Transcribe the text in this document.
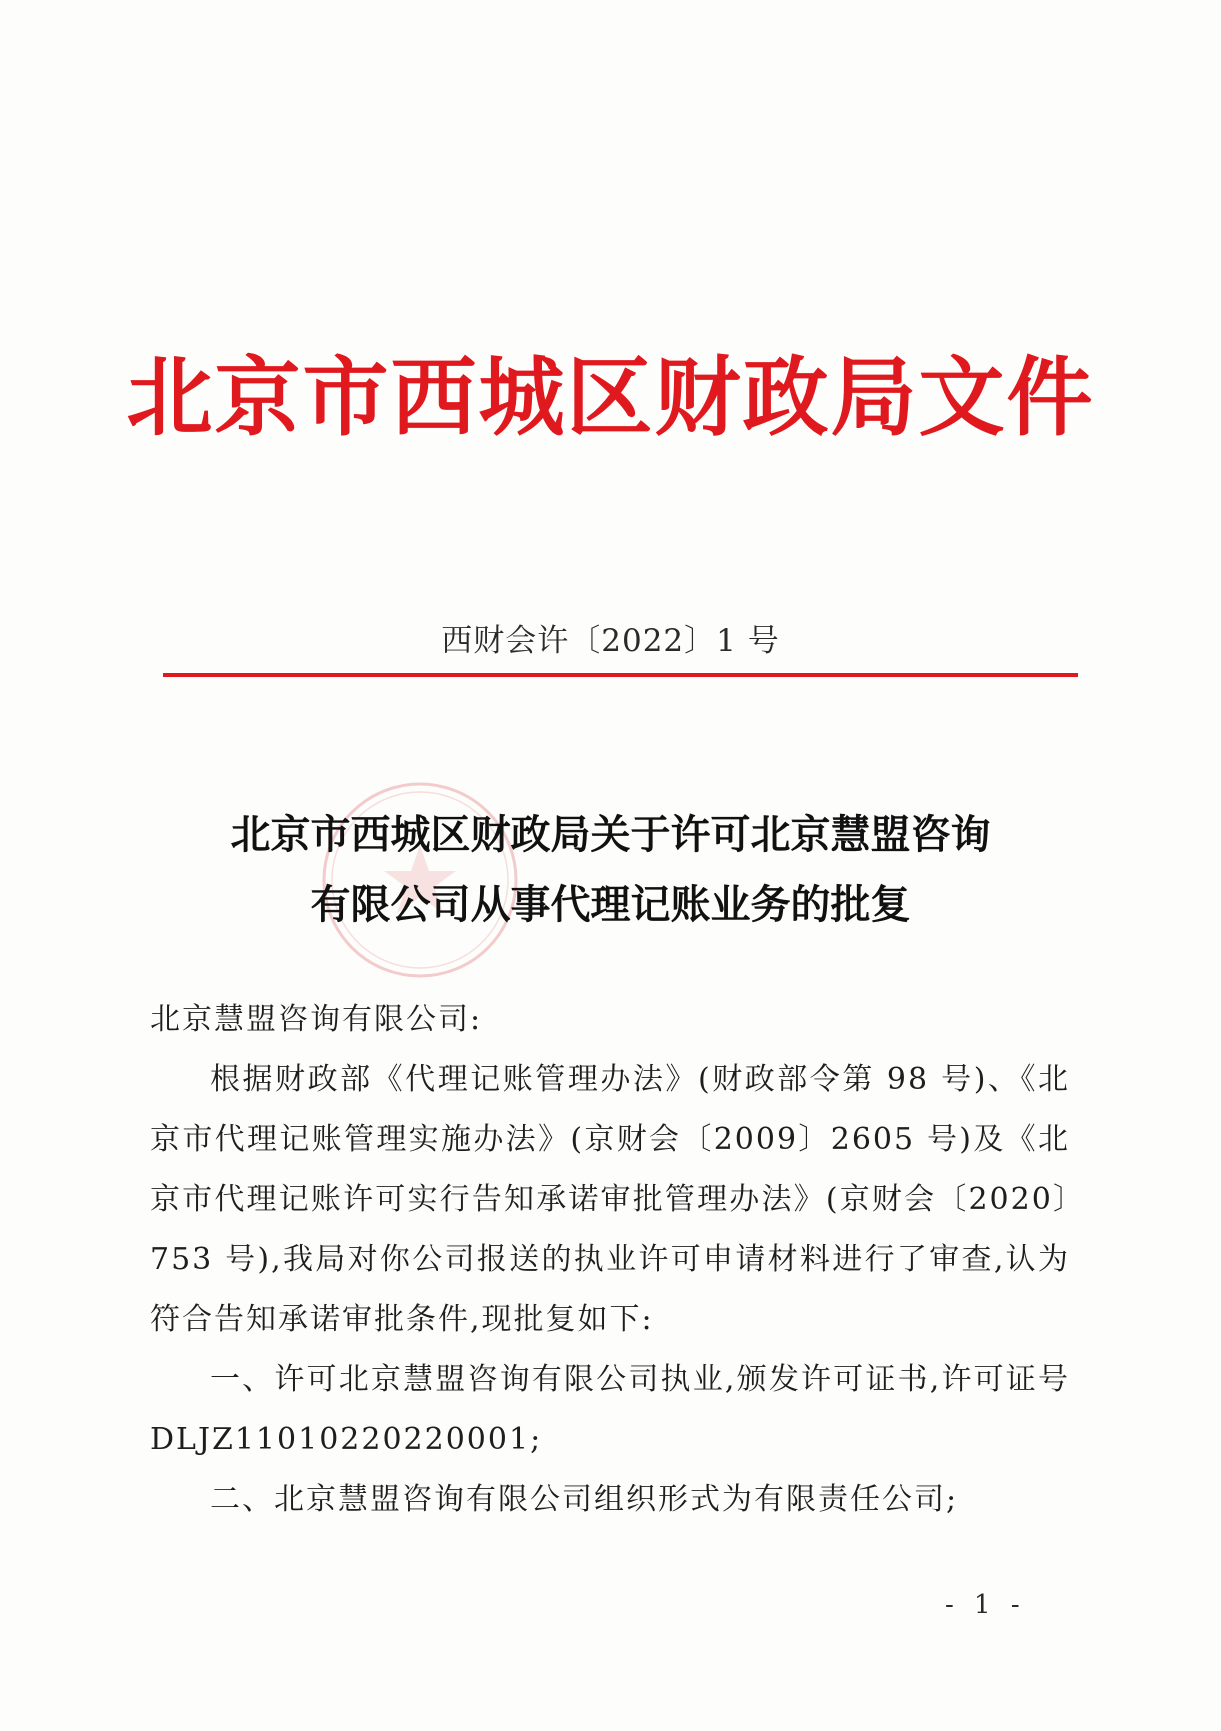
北京市西城区财政局文件
西财会许〔2022〕1 号
北京市西城区财政局关于许可北京慧盟咨询
有限公司从事代理记账业务的批复
北京慧盟咨询有限公司:

根据财政部《代理记账管理办法》(财政部令第 98 号)、《北京市代理记账管理实施办法》(京财会〔2009〕2605 号)及《北京市代理记账许可实行告知承诺审批管理办法》(京财会〔2020〕753 号),我局对你公司报送的执业许可申请材料进行了审查,认为符合告知承诺审批条件,现批复如下:

一、许可北京慧盟咨询有限公司执业,颁发许可证书,许可证号 DLJZ11010220220001;

二、北京慧盟咨询有限公司组织形式为有限责任公司;

- 1 -
